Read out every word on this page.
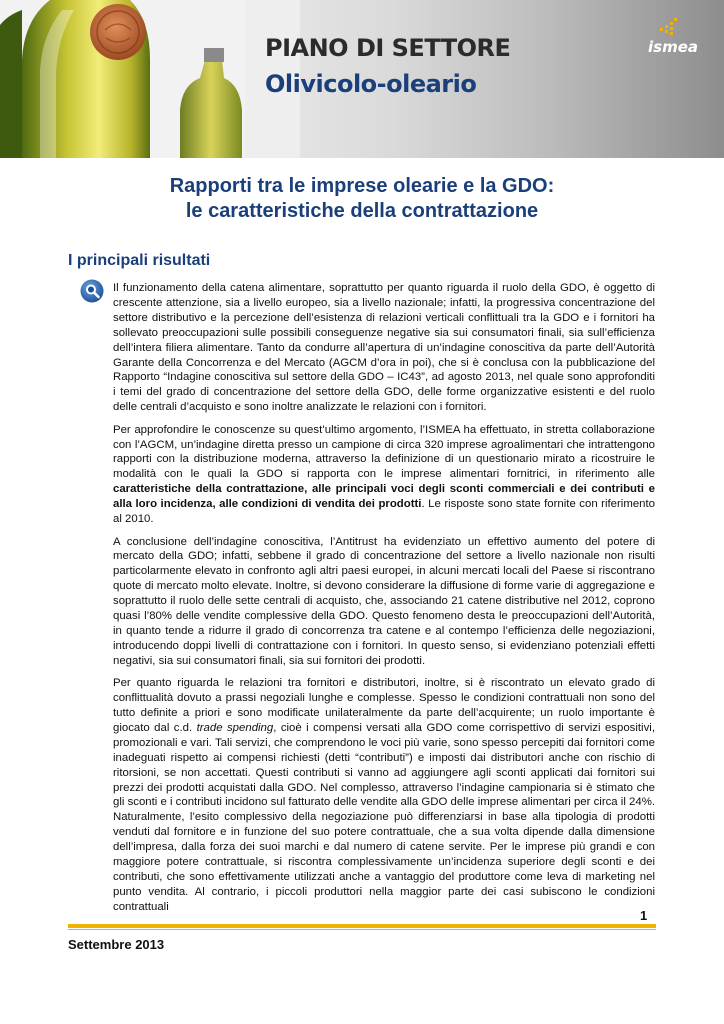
PIANO DI SETTORE
Olivicolo-oleario
ismea
Rapporti tra le imprese olearie e la GDO:
le caratteristiche della contrattazione
I principali risultati

Il funzionamento della catena alimentare, soprattutto per quanto riguarda il ruolo della GDO, è oggetto di crescente attenzione, sia a livello europeo, sia a livello nazionale; infatti, la progressiva concentrazione del settore distributivo e la percezione dell’esistenza di relazioni verticali conflittuali tra la GDO e i fornitori ha sollevato preoccupazioni sulle possibili conseguenze negative sia sui consumatori finali, sia sull’efficienza dell’intera filiera alimentare. Tanto da condurre all’apertura di un’indagine conoscitiva da parte dell’Autorità Garante della Concorrenza e del Mercato (AGCM d’ora in poi), che si è conclusa con la pubblicazione del Rapporto “Indagine conoscitiva sul settore della GDO – IC43”, ad agosto 2013, nel quale sono approfonditi i temi del grado di concentrazione del settore della GDO, delle forme organizzative esistenti e del ruolo delle centrali d’acquisto e sono inoltre analizzate le relazioni con i fornitori.

Per approfondire le conoscenze su quest’ultimo argomento, l’ISMEA ha effettuato, in stretta collaborazione con l’AGCM, un’indagine diretta presso un campione di circa 320 imprese agroalimentari che intrattengono rapporti con la distribuzione moderna, attraverso la definizione di un questionario mirato a ricostruire le modalità con le quali la GDO si rapporta con le imprese alimentari fornitrici, in riferimento alle caratteristiche della contrattazione, alle principali voci degli sconti commerciali e dei contributi e alla loro incidenza, alle condizioni di vendita dei prodotti. Le risposte sono state fornite con riferimento al 2010.

A conclusione dell’indagine conoscitiva, l’Antitrust ha evidenziato un effettivo aumento del potere di mercato della GDO; infatti, sebbene il grado di concentrazione del settore a livello nazionale non risulti particolarmente elevato in confronto agli altri paesi europei, in alcuni mercati locali del Paese si riscontrano quote di mercato molto elevate. Inoltre, si devono considerare la diffusione di forme varie di aggregazione e soprattutto il ruolo delle sette centrali di acquisto, che, associando 21 catene distributive nel 2012, coprono quasi l’80% delle vendite complessive della GDO. Questo fenomeno desta le preoccupazioni dell’Autorità, in quanto tende a ridurre il grado di concorrenza tra catene e al contempo l’efficienza delle negoziazioni, introducendo doppi livelli di contrattazione con i fornitori. In questo senso, si evidenziano potenziali effetti negativi, sia sui consumatori finali, sia sui fornitori dei prodotti.

Per quanto riguarda le relazioni tra fornitori e distributori, inoltre, si è riscontrato un elevato grado di conflittualità dovuto a prassi negoziali lunghe e complesse. Spesso le condizioni contrattuali non sono del tutto definite a priori e sono modificate unilateralmente da parte dell’acquirente; un ruolo importante è giocato dal c.d. trade spending, cioè i compensi versati alla GDO come corrispettivo di servizi espositivi, promozionali e vari. Tali servizi, che comprendono le voci più varie, sono spesso percepiti dai fornitori come inadeguati rispetto ai compensi richiesti (detti “contributi”) e imposti dai distributori anche con rischio di ritorsioni, se non accettati. Questi contributi si vanno ad aggiungere agli sconti applicati dai fornitori sui prezzi dei prodotti acquistati dalla GDO. Nel complesso, attraverso l’indagine campionaria si è stimato che gli sconti e i contributi incidono sul fatturato delle vendite alla GDO delle imprese alimentari per circa il 24%. Naturalmente, l’esito complessivo della negoziazione può differenziarsi in base alla tipologia di prodotti venduti dal fornitore e in funzione del suo potere contrattuale, che a sua volta dipende dalla dimensione dell’impresa, dalla forza dei suoi marchi e dal numero di catene servite. Per le imprese più grandi e con maggiore potere contrattuale, si riscontra complessivamente un’incidenza superiore degli sconti e dei contributi, che sono effettivamente utilizzati anche a vantaggio del produttore come leva di marketing nel punto vendita. Al contrario, i piccoli produttori nella maggior parte dei casi subiscono le condizioni contrattuali

1
Settembre 2013
